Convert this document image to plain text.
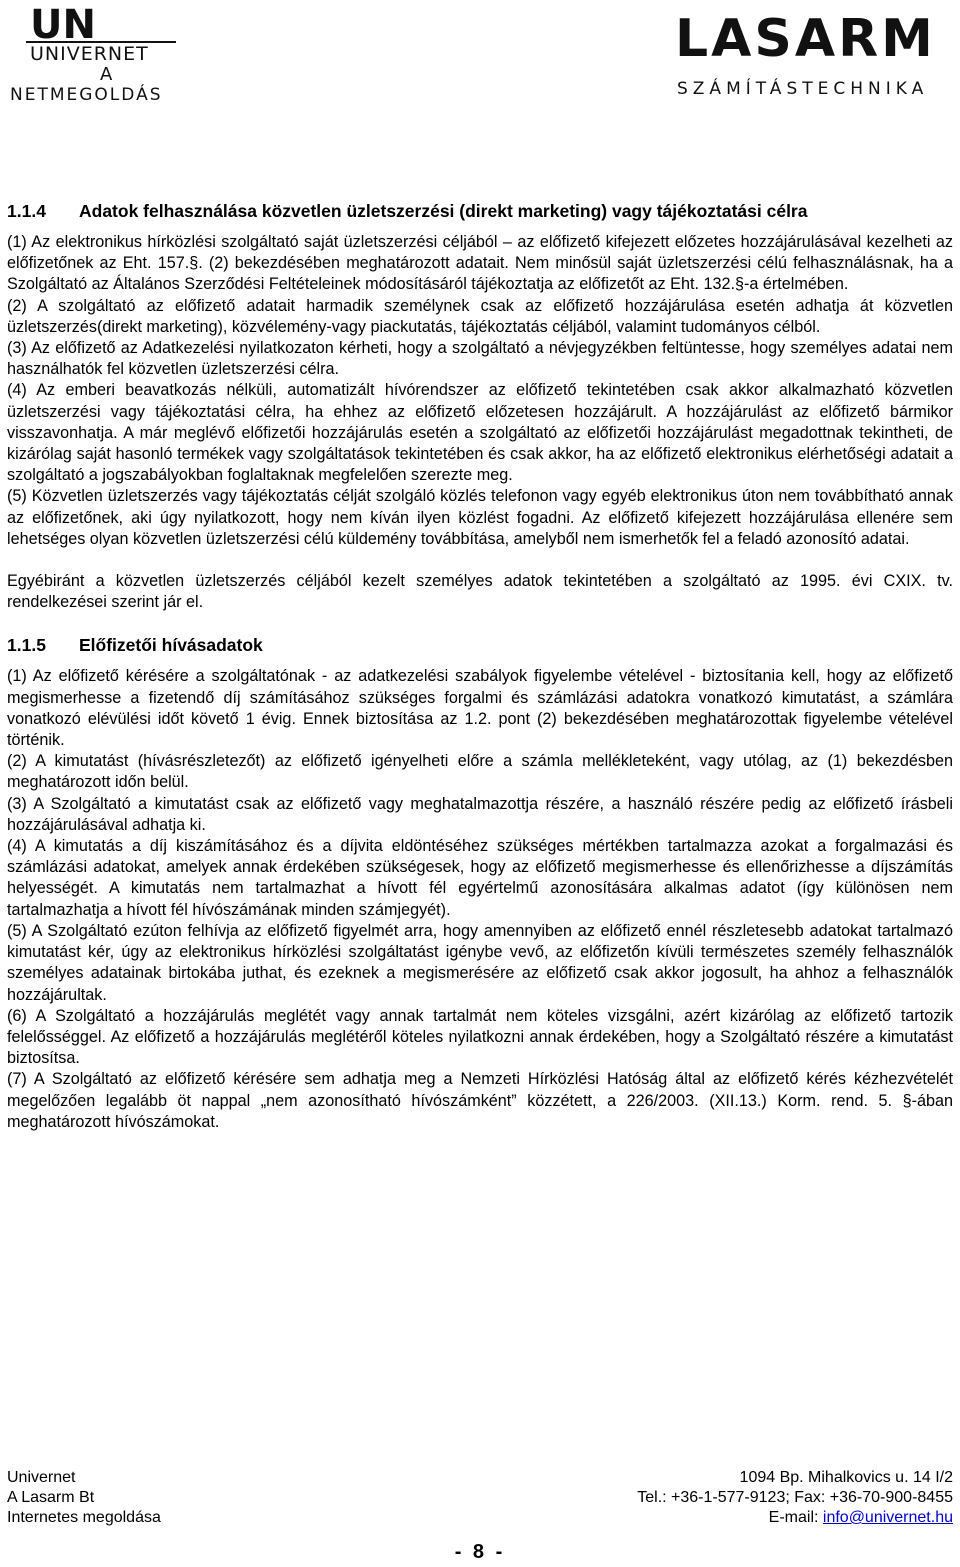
UN
UNIVERNET
A
NETMEGOLDÁS
LASARM
SZÁMÍTÁSTECHNIKA
1.1.4 Adatok felhasználása közvetlen üzletszerzési (direkt marketing) vagy tájékoztatási célra

(1) Az elektronikus hírközlési szolgáltató saját üzletszerzési céljából – az előfizető kifejezett előzetes hozzájárulásával kezelheti az előfizetőnek az Eht. 157.§. (2) bekezdésében meghatározott adatait. Nem minősül saját üzletszerzési célú felhasználásnak, ha a Szolgáltató az Általános Szerződési Feltételeinek módosításáról tájékoztatja az előfizetőt az Eht. 132.§-a értelmében.

(2) A szolgáltató az előfizető adatait harmadik személynek csak az előfizető hozzájárulása esetén adhatja át közvetlen üzletszerzés(direkt marketing), közvélemény-vagy piackutatás, tájékoztatás céljából, valamint tudományos célból.

(3) Az előfizető az Adatkezelési nyilatkozaton kérheti, hogy a szolgáltató a névjegyzékben feltüntesse, hogy személyes adatai nem használhatók fel közvetlen üzletszerzési célra.

(4) Az emberi beavatkozás nélküli, automatizált hívórendszer az előfizető tekintetében csak akkor alkalmazható közvetlen üzletszerzési vagy tájékoztatási célra, ha ehhez az előfizető előzetesen hozzájárult. A hozzájárulást az előfizető bármikor visszavonhatja. A már meglévő előfizetői hozzájárulás esetén a szolgáltató az előfizetői hozzájárulást megadottnak tekintheti, de kizárólag saját hasonló termékek vagy szolgáltatások tekintetében és csak akkor, ha az előfizető elektronikus elérhetőségi adatait a szolgáltató a jogszabályokban foglaltaknak megfelelően szerezte meg.

(5) Közvetlen üzletszerzés vagy tájékoztatás célját szolgáló közlés telefonon vagy egyéb elektronikus úton nem továbbítható annak az előfizetőnek, aki úgy nyilatkozott, hogy nem kíván ilyen közlést fogadni. Az előfizető kifejezett hozzájárulása ellenére sem lehetséges olyan közvetlen üzletszerzési célú küldemény továbbítása, amelyből nem ismerhetők fel a feladó azonosító adatai.

Egyébiránt a közvetlen üzletszerzés céljából kezelt személyes adatok tekintetében a szolgáltató az 1995. évi CXIX. tv. rendelkezései szerint jár el.

1.1.5 Előfizetői hívásadatok

(1) Az előfizető kérésére a szolgáltatónak - az adatkezelési szabályok figyelembe vételével - biztosítania kell, hogy az előfizető megismerhesse a fizetendő díj számításához szükséges forgalmi és számlázási adatokra vonatkozó kimutatást, a számlára vonatkozó elévülési időt követő 1 évig. Ennek biztosítása az 1.2. pont (2) bekezdésében meghatározottak figyelembe vételével történik.

(2) A kimutatást (hívásrészletezőt) az előfizető igényelheti előre a számla mellékleteként, vagy utólag, az (1) bekezdésben meghatározott időn belül.

(3) A Szolgáltató a kimutatást csak az előfizető vagy meghatalmazottja részére, a használó részére pedig az előfizető írásbeli hozzájárulásával adhatja ki.

(4) A kimutatás a díj kiszámításához és a díjvita eldöntéséhez szükséges mértékben tartalmazza azokat a forgalmazási és számlázási adatokat, amelyek annak érdekében szükségesek, hogy az előfizető megismerhesse és ellenőrizhesse a díjszámítás helyességét. A kimutatás nem tartalmazhat a hívott fél egyértelmű azonosítására alkalmas adatot (így különösen nem tartalmazhatja a hívott fél hívószámának minden számjegyét).

(5) A Szolgáltató ezúton felhívja az előfizető figyelmét arra, hogy amennyiben az előfizető ennél részletesebb adatokat tartalmazó kimutatást kér, úgy az elektronikus hírközlési szolgáltatást igénybe vevő, az előfizetőn kívüli természetes személy felhasználók személyes adatainak birtokába juthat, és ezeknek a megismerésére az előfizető csak akkor jogosult, ha ahhoz a felhasználók hozzájárultak.

(6) A Szolgáltató a hozzájárulás meglétét vagy annak tartalmát nem köteles vizsgálni, azért kizárólag az előfizető tartozik felelősséggel. Az előfizető a hozzájárulás meglétéről köteles nyilatkozni annak érdekében, hogy a Szolgáltató részére a kimutatást biztosítsa.

(7) A Szolgáltató az előfizető kérésére sem adhatja meg a Nemzeti Hírközlési Hatóság által az előfizető kérés kézhezvételét megelőzően legalább öt nappal „nem azonosítható hívószámként” közzétett, a 226/2003. (XII.13.) Korm. rend. 5. §-ában meghatározott hívószámokat.

Univernet
A Lasarm Bt
Internetes megoldása
1094 Bp. Mihalkovics u. 14 I/2
Tel.: +36-1-577-9123; Fax: +36-70-900-8455
E-mail: info@univernet.hu
- 8 -
